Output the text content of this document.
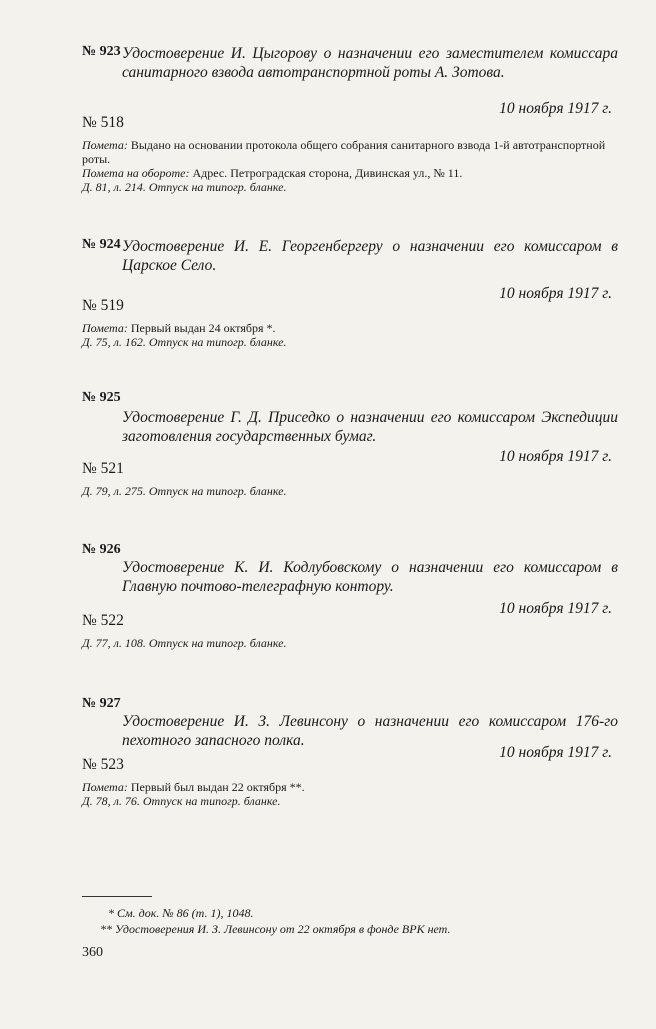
№ 923 Удостоверение И. Цыгорову о назначении его заместителем комиссара санитарного взвода автотранспортной роты А. Зотова.
10 ноября 1917 г.
№ 518

Помета: Выдано на основании протокола общего собрания санитарного взвода 1-й автотранспортной роты.

Помета на обороте: Адрес. Петроградская сторона, Дивинская ул., № 11.

Д. 81, л. 214. Отпуск на типогр. бланке.

№ 924 Удостоверение И. Е. Георгенбергеру о назначении его комиссаром в Царское Село.
10 ноября 1917 г.
№ 519

Помета: Первый выдан 24 октября *.

Д. 75, л. 162. Отпуск на типогр. бланке.

№ 925
Удостоверение Г. Д. Приседко о назначении его комиссаром Экспедиции заготовления государственных бумаг.
10 ноября 1917 г.
№ 521

Д. 79, л. 275. Отпуск на типогр. бланке.

№ 926
Удостоверение К. И. Кодлубовскому о назначении его комиссаром в Главную почтово-телеграфную контору.
10 ноября 1917 г.
№ 522

Д. 77, л. 108. Отпуск на типогр. бланке.

№ 927
Удостоверение И. З. Левинсону о назначении его комиссаром 176-го пехотного запасного полка.
10 ноября 1917 г.
№ 523

Помета: Первый был выдан 22 октября **.

Д. 78, л. 76. Отпуск на типогр. бланке.

* См. док. № 86 (т. 1), 1048.
** Удостоверения И. З. Левинсону от 22 октября в фонде ВРК нет.
360
